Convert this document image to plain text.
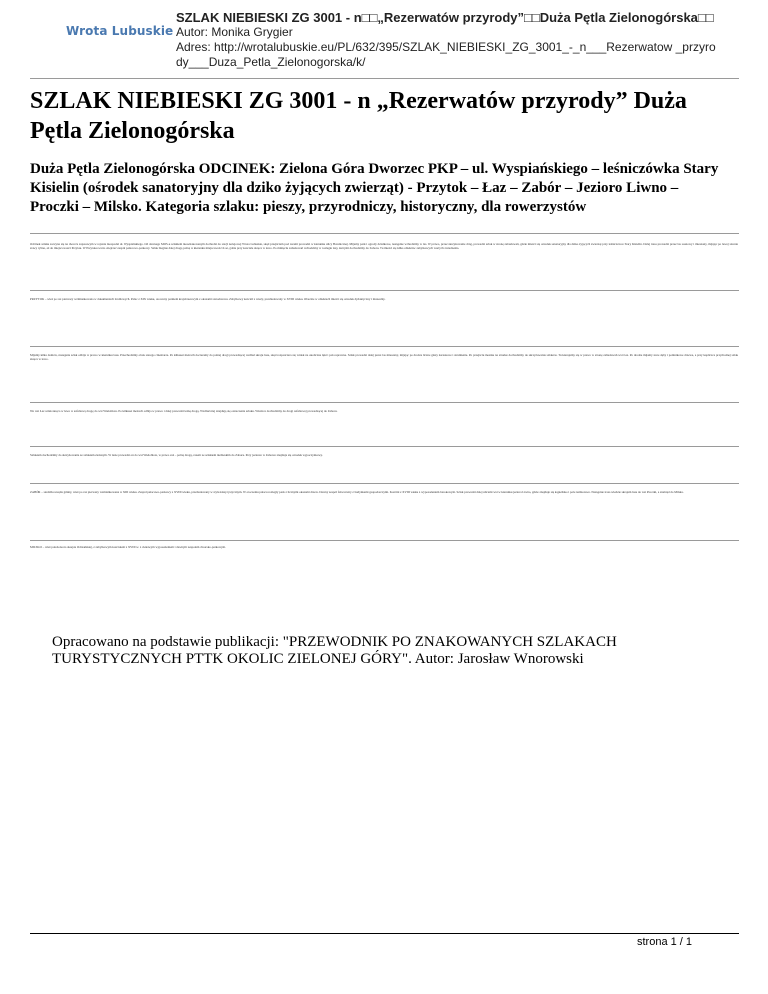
Wrota Lubuskie
SZLAK NIEBIESKI ZG 3001 - n□□„Rezerwatów przyrody”□□Duża Pętla Zielonogórska□□
Autor: Monika Grygier
Adres: http://wrotalubuskie.eu/PL/632/395/SZLAK_NIEBIESKI_ZG_3001_-_n___Rezerwatow _przyrody___Duza_Petla_Zielonogorska/k/
SZLAK NIEBIESKI ZG 3001 - n „Rezerwatów przyrody” Duża Pętla Zielonogórska
Duża Pętla Zielonogórska ODCINEK: Zielona Góra Dworzec PKP – ul. Wyspiańskiego – leśniczówka Stary Kisielin (ośrodek sanatoryjny dla dziko żyjących zwierząt) - Przytok – Łaz – Zabór – Jezioro Liwno – Proczki – Milsko. Kategoria szlaku: pieszy, przyrodniczy, historyczny, dla rowerzystów

Odcinek szlaku zaczyna się na dworcu zapasowym w rejonie nieopodal ul. Wyspiańskiego. Od dawnego MOS-u szlakiem nieoznakowanym dochodzi do stacji kolejowej Wrota Lubuskie, skąd przejściem pod torami prowadzi w kierunku ulicy Botanicznej. Mijamy park i ogrody działkowe, następnie wchodzimy w las. W prawo, przez skrzyżowanie dróg, prowadzi szlak w stronę zabudowań, gdzie mieści się ośrodek sanatoryjny dla dziko żyjących zwierząt przy leśniczówce Stary Kisielin. Dalej trasa prowadzi przez las sosnowy i mieszany, mijając po lewej stronie stawy rybne, aż do miejscowości Przytok. W Przytoku warto obejrzeć zespół pałacowo-parkowy. Szlak biegnie dalej drogą polną w kierunku miejscowości Łaz, gdzie przy kościele skręca w lewo. Po minięciu zabudowań wchodzimy w rozległe lasy, którymi dochodzimy do Zaboru. Tu mieści się kilka obiektów zabytkowych wartych zwiedzenia.

PRZYTOK – wieś po raz pierwszy wzmiankowana w dokumentach źródłowych. Pałac z XIX wieku, otoczony parkiem krajobrazowym z okazami starodrzewu. Zabytkowy kościół z wieży, przebudowany w XVIII wieku. Obecnie w obiektach mieści się ośrodek dydaktyczny i muzealny.

Mijamy kilka domów, następnie szlak odbija w prawo w kierunku lasu. Przechodzimy obok starego cmentarza. Po kilkuset metrach docieramy do polnej drogi prowadzącej wzdłuż skraju lasu, skąd rozpościera się widok na okoliczne łąki i pola uprawne. Szlak prowadzi dalej przez las mieszany, mijając po drodze liczne głazy narzutowe i strumienie. Po przejściu mostku na strudze dochodzimy do skrzyżowania szlaków. Tu kierujemy się w prawo w stronę zabudowań wsi Łaz. Po drodze mijamy stare dęby i pomnikowe drzewa, a przy kapliczce przydrożnej szlak skręca w lewo.

We wsi Łaz szlak skręca w lewo w asfaltową drogę do wsi Wielobłota. Po kilkuset metrach odbija w prawo i dalej prowadzi leśną drogą. Wzdłuż niej znajdują się oznaczenia szlaku. Wkrótce dochodzimy do drogi asfaltowej prowadzącej do Zaboru.

Szlakiem dochodzimy do skrzyżowania ze szlakiem zielonym. W lesie prowadzi on do wsi Wielobłota, w prawo zaś – polną drogą, razem ze szlakiem niebieskim do Zaboru. Przy jeziorze w Zaborze znajduje się ośrodek wypoczynkowy.

ZABÓR – siedziba urzędu gminy, wieś po raz pierwszy wzmiankowana w XIII wieku. Zespół pałacowo-parkowy z XVIII wieku, przebudowany w stylu klasycystycznym. W otoczeniu pałacu rozległy park z licznymi okazami drzew. Dawny zespół folwarczny z budynkami gospodarczymi. Kościół z XVIII wieku z wyposażeniem barokowym. Szlak prowadzi dalej ulicami wsi w kierunku jeziora Liwno, gdzie znajduje się kąpielisko i pole namiotowe. Następnie trasa wiedzie skrajem lasu do wsi Proczki, a stamtąd do Milska.

MILSKO – wieś położona na skarpie Odrzańskiej, z zabytkowym kościołem z XVIII w. z ciekawym wyposażeniem i dawnym zespołem dworsko-parkowym.

Opracowano na podstawie publikacji: "PRZEWODNIK PO ZNAKOWANYCH SZLAKACH TURYSTYCZNYCH PTTK OKOLIC ZIELONEJ GÓRY". Autor: Jarosław Wnorowski

strona 1 / 1
